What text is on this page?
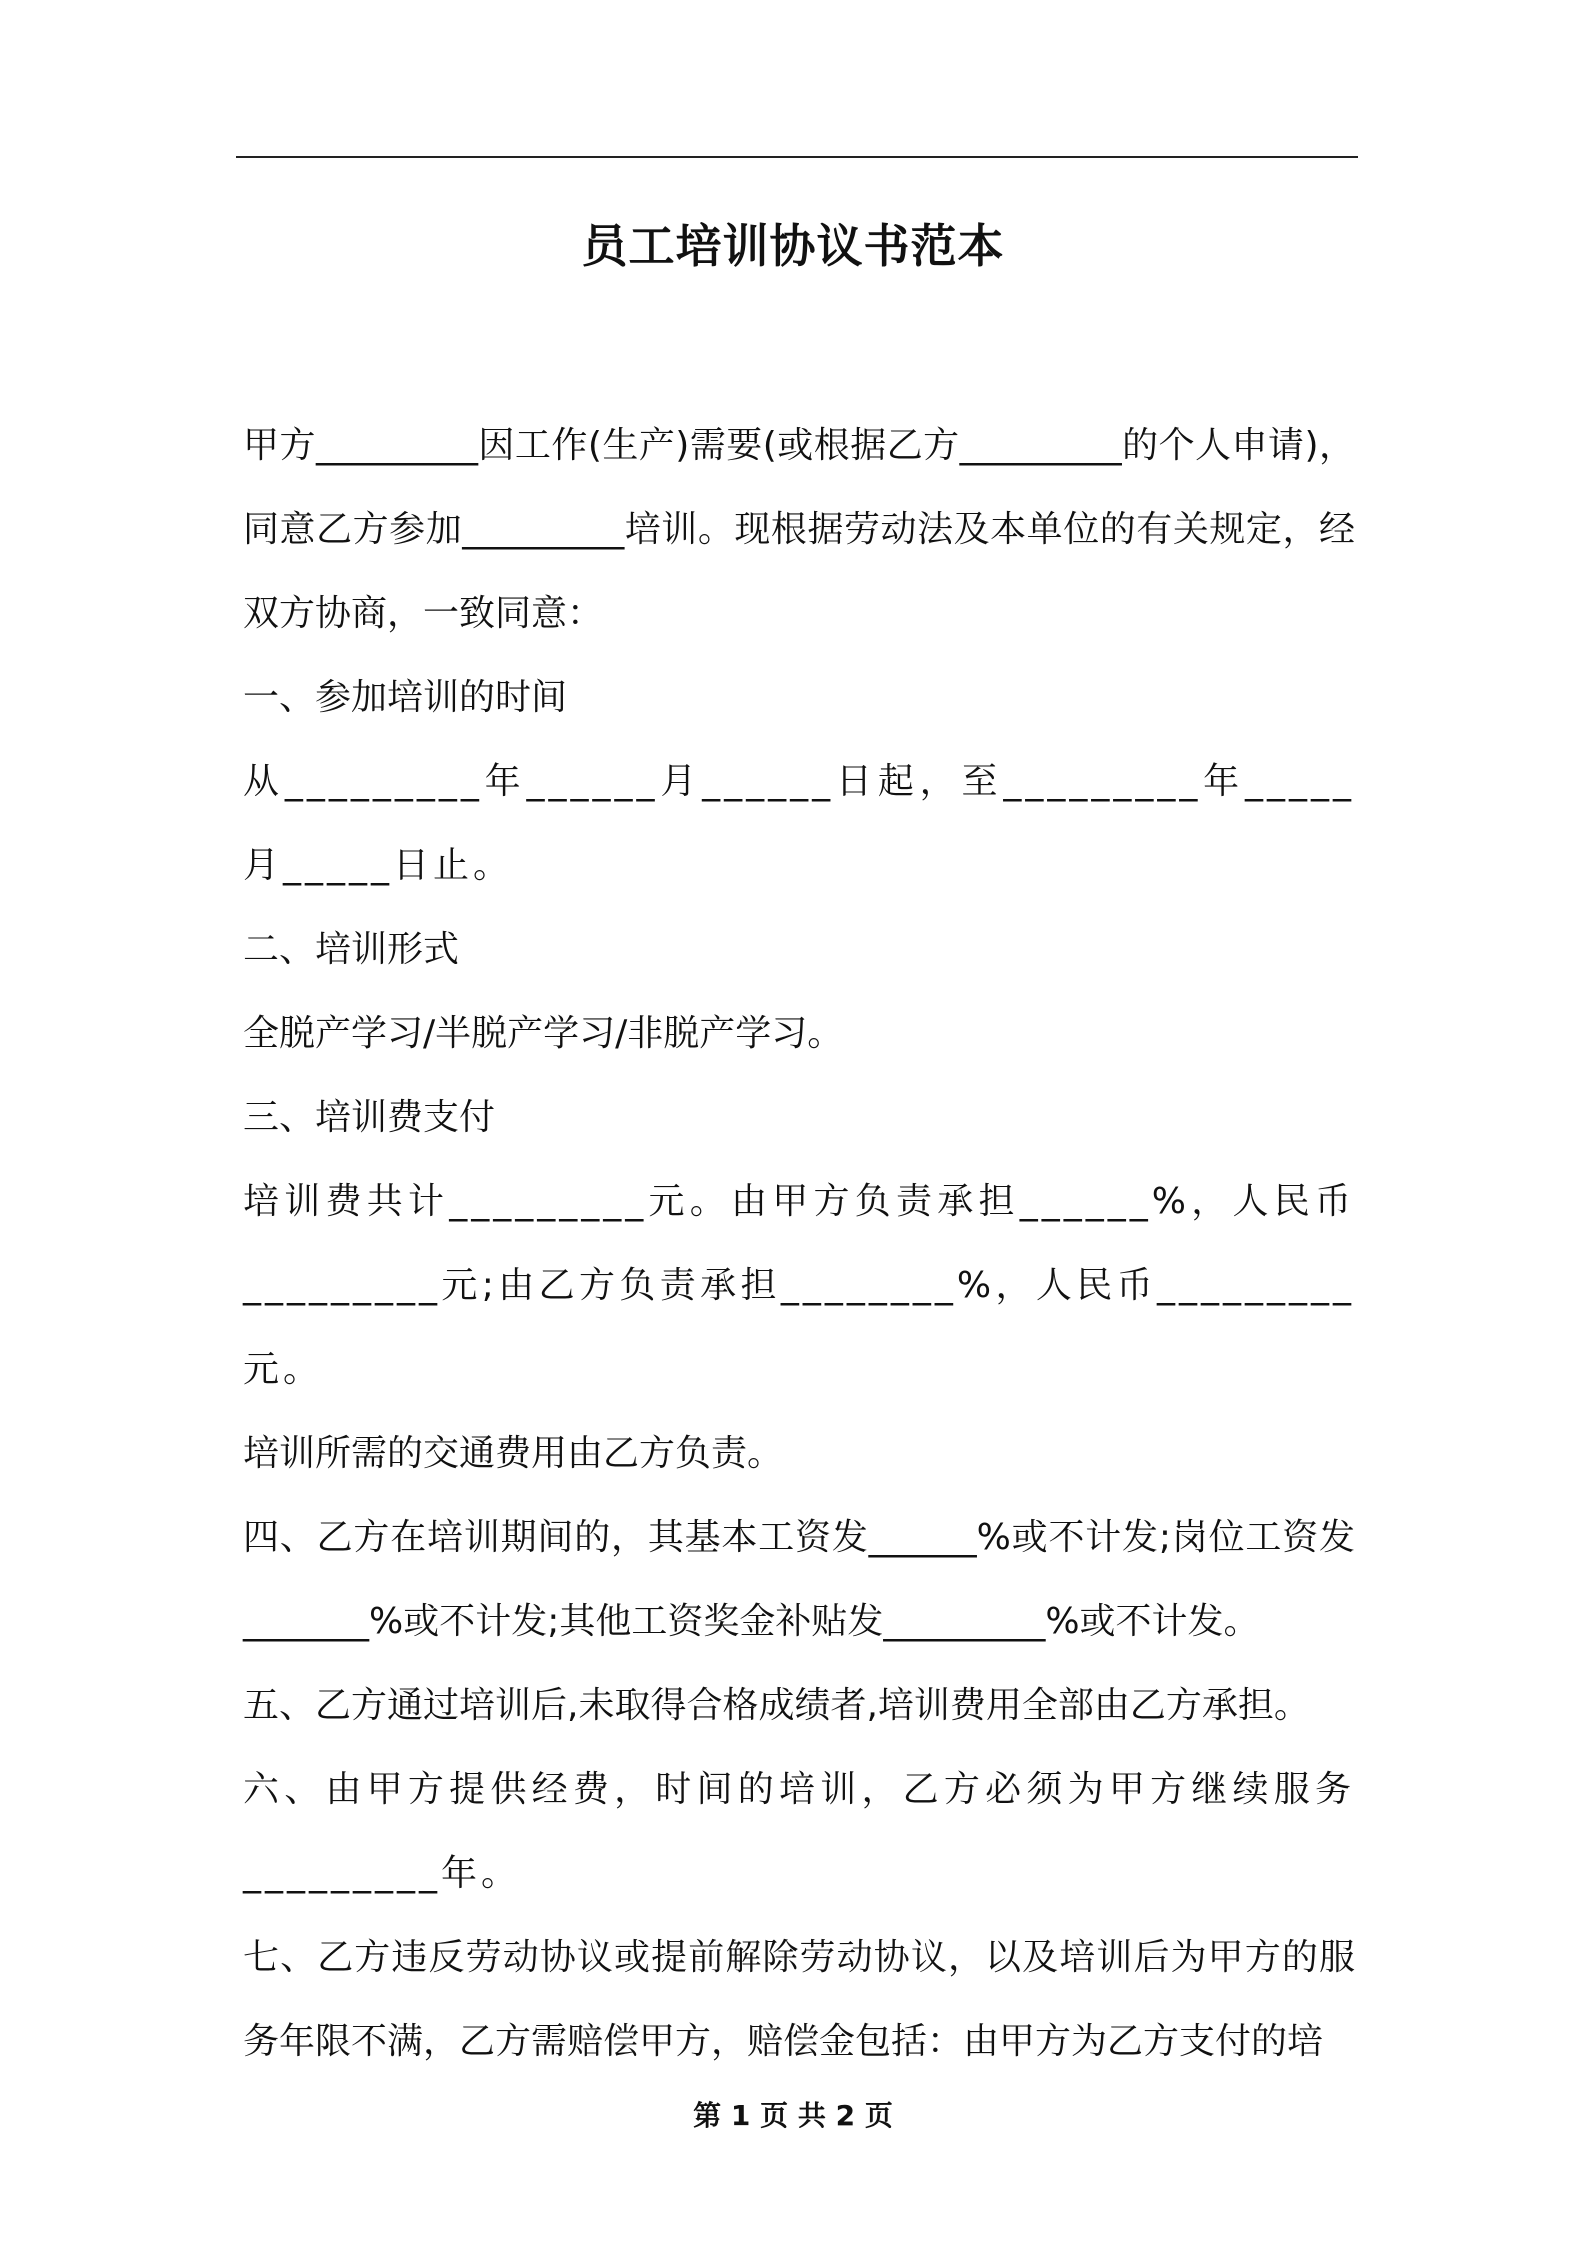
员工培训协议书范本

甲方_________因工作(生产)需要(或根据乙方_________的个人申请)，同意乙方参加_________培训。现根据劳动法及本单位的有关规定，经双方协商，一致同意：

一、参加培训的时间

从_________年______月______日起，至_________年_____月_____日止。

二、培训形式

全脱产学习/半脱产学习/非脱产学习。

三、培训费支付

培训费共计_________元。由甲方负责承担______%，人民币_________元;由乙方负责承担________%，人民币_________元。

培训所需的交通费用由乙方负责。

四、乙方在培训期间的，其基本工资发______%或不计发;岗位工资发_______%或不计发;其他工资奖金补贴发_________%或不计发。

五、乙方通过培训后,未取得合格成绩者,培训费用全部由乙方承担。

六、由甲方提供经费，时间的培训，乙方必须为甲方继续服务_________年。

七、乙方违反劳动协议或提前解除劳动协议，以及培训后为甲方的服务年限不满，乙方需赔偿甲方，赔偿金包括：由甲方为乙方支付的培

第 1 页 共 2 页
